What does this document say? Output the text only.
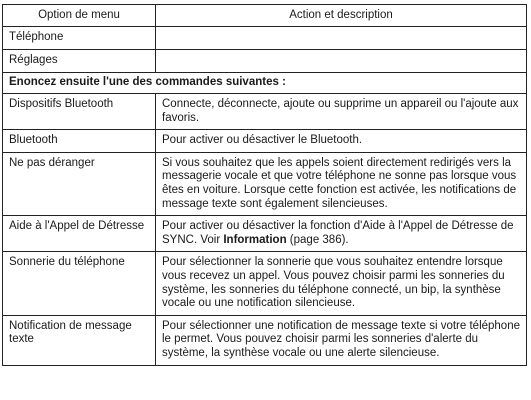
Option de menu	Action et description
Téléphone	
Réglages	
Enoncez ensuite l'une des commandes suivantes :	
Dispositifs Bluetooth	Connecte, déconnecte, ajoute ou supprime un appareil ou l'ajoute aux favoris.
Bluetooth	Pour activer ou désactiver le Bluetooth.
Ne pas déranger	Si vous souhaitez que les appels soient directement redirigés vers la messagerie vocale et que votre téléphone ne sonne pas lorsque vous êtes en voiture. Lorsque cette fonction est activée, les notifications de message texte sont également silencieuses.
Aide à l'Appel de Détresse	Pour activer ou désactiver la fonction d'Aide à l'Appel de Détresse de SYNC. Voir Information (page 386).
Sonnerie du téléphone	Pour sélectionner la sonnerie que vous souhaitez entendre lorsque vous recevez un appel. Vous pouvez choisir parmi les sonneries du système, les sonneries du téléphone connecté, un bip, la synthèse vocale ou une notification silencieuse.
Notification de message texte	Pour sélectionner une notification de message texte si votre téléphone le permet. Vous pouvez choisir parmi les sonneries d'alerte du système, la synthèse vocale ou une alerte silencieuse.
